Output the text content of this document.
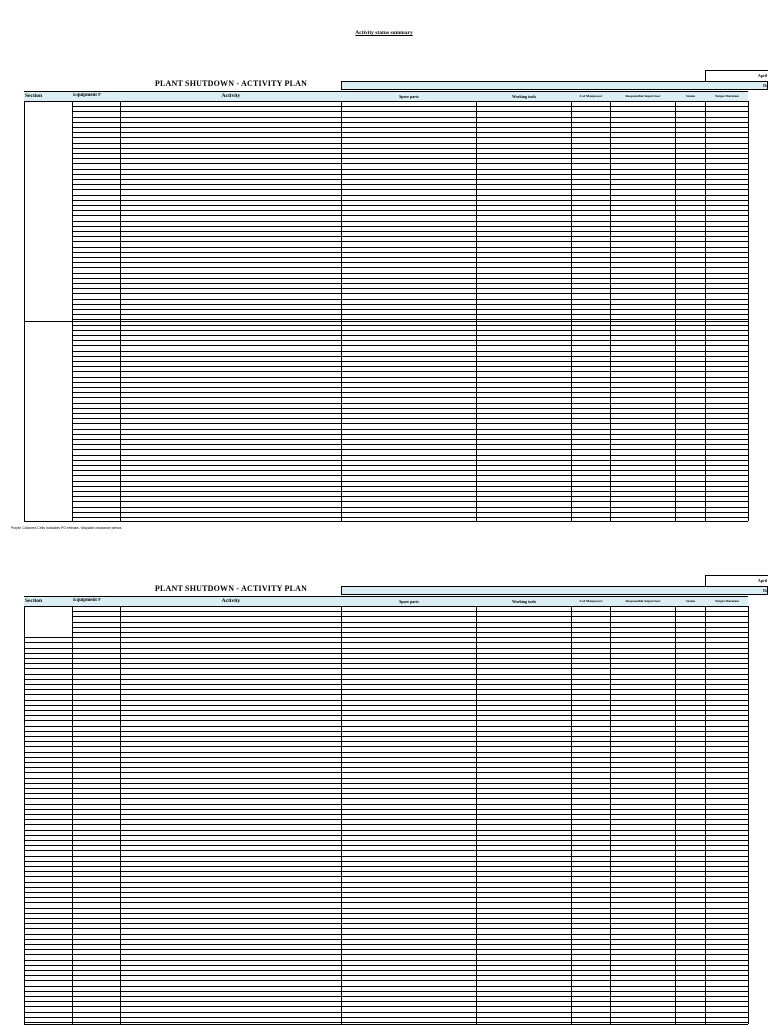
Activity status summary
April
PLANT SHUTDOWN - ACTIVITY PLAN	Da
Section	Equipment #	Activity	Spare parts	Working tools	# of Manpower	Responsible Supervisor	Status	Target Duration
Purple Coloured Cells Indicates PO release / dispatch clearance period.
April
PLANT SHUTDOWN - ACTIVITY PLAN	Da
Section	Equipment #	Activity	Spare parts	Working tools	# of Manpower	Responsible Supervisor	Status	Target Duration
